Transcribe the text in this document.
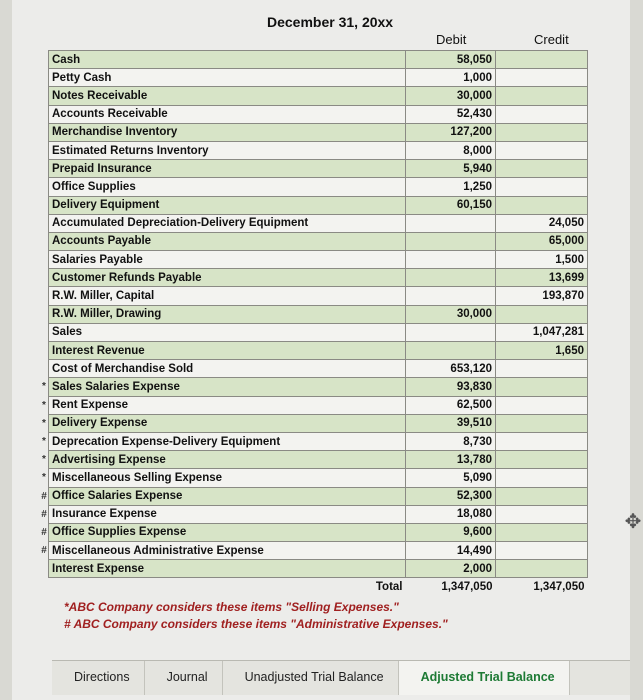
December 31, 20xx
Debit	Credit
	Cash	58,050	
	Petty Cash	1,000	
	Notes Receivable	30,000	
	Accounts Receivable	52,430	
	Merchandise Inventory	127,200	
	Estimated Returns Inventory	8,000	
	Prepaid Insurance	5,940	
	Office Supplies	1,250	
	Delivery Equipment	60,150	
	Accumulated Depreciation-Delivery Equipment		24,050
	Accounts Payable		65,000
	Salaries Payable		1,500
	Customer Refunds Payable		13,699
	R.W. Miller, Capital		193,870
	R.W. Miller, Drawing	30,000	
	Sales		1,047,281
	Interest Revenue		1,650
	Cost of Merchandise Sold	653,120	
*	Sales Salaries Expense	93,830	
*	Rent Expense	62,500	
*	Delivery Expense	39,510	
*	Deprecation Expense-Delivery Equipment	8,730	
*	Advertising Expense	13,780	
*	Miscellaneous Selling Expense	5,090	
#	Office Salaries Expense	52,300	
#	Insurance Expense	18,080	
#	Office Supplies Expense	9,600	
#	Miscellaneous Administrative Expense	14,490	
	Interest Expense	2,000	
	Total	1,347,050	1,347,050
*ABC Company considers these items "Selling Expenses."
# ABC Company considers these items "Administrative Expenses."
✥
Directions	Journal	Unadjusted Trial Balance	Adjusted Trial Balance
